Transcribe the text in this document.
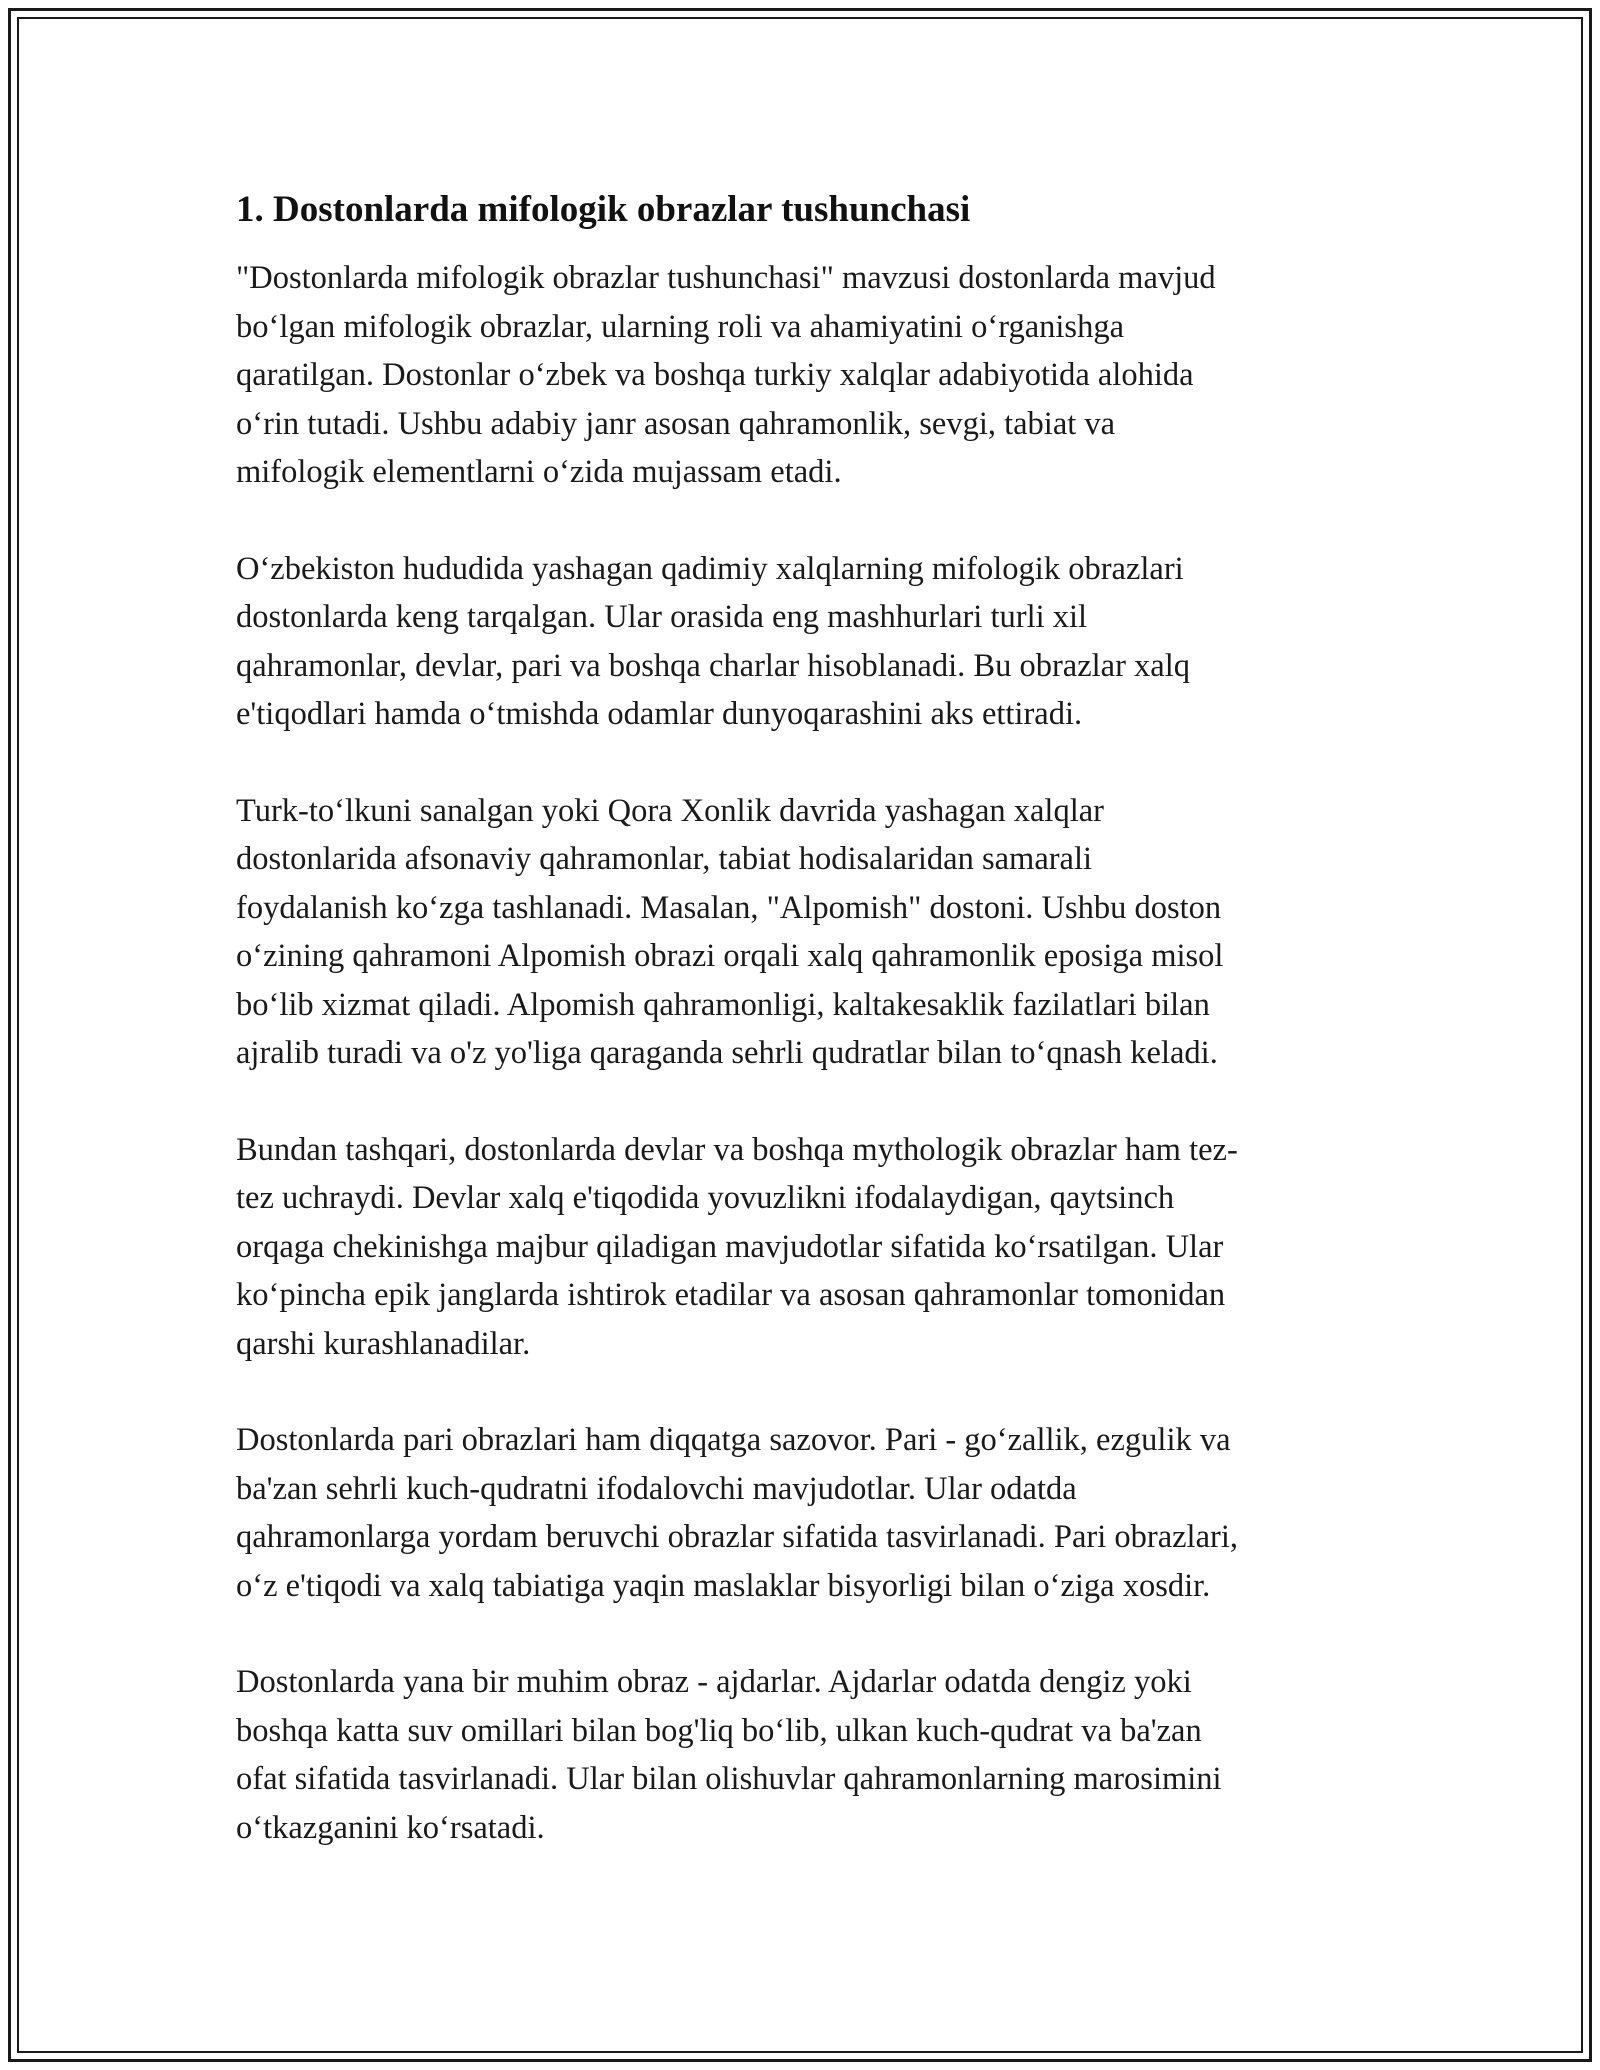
1. Dostonlarda mifologik obrazlar tushunchasi

"Dostonlarda mifologik obrazlar tushunchasi" mavzusi dostonlarda mavjud
bo‘lgan mifologik obrazlar, ularning roli va ahamiyatini o‘rganishga
qaratilgan. Dostonlar o‘zbek va boshqa turkiy xalqlar adabiyotida alohida
o‘rin tutadi. Ushbu adabiy janr asosan qahramonlik, sevgi, tabiat va
mifologik elementlarni o‘zida mujassam etadi.

O‘zbekiston hududida yashagan qadimiy xalqlarning mifologik obrazlari
dostonlarda keng tarqalgan. Ular orasida eng mashhurlari turli xil
qahramonlar, devlar, pari va boshqa charlar hisoblanadi. Bu obrazlar xalq
e'tiqodlari hamda o‘tmishda odamlar dunyoqarashini aks ettiradi.

Turk-to‘lkuni sanalgan yoki Qora Xonlik davrida yashagan xalqlar
dostonlarida afsonaviy qahramonlar, tabiat hodisalaridan samarali
foydalanish ko‘zga tashlanadi. Masalan, "Alpomish" dostoni. Ushbu doston
o‘zining qahramoni Alpomish obrazi orqali xalq qahramonlik eposiga misol
bo‘lib xizmat qiladi. Alpomish qahramonligi, kaltakesaklik fazilatlari bilan
ajralib turadi va o'z yo'liga qaraganda sehrli qudratlar bilan to‘qnash keladi.

Bundan tashqari, dostonlarda devlar va boshqa mythologik obrazlar ham tez-
tez uchraydi. Devlar xalq e'tiqodida yovuzlikni ifodalaydigan, qaytsinch
orqaga chekinishga majbur qiladigan mavjudotlar sifatida ko‘rsatilgan. Ular
ko‘pincha epik janglarda ishtirok etadilar va asosan qahramonlar tomonidan
qarshi kurashlanadilar.

Dostonlarda pari obrazlari ham diqqatga sazovor. Pari - go‘zallik, ezgulik va
ba'zan sehrli kuch-qudratni ifodalovchi mavjudotlar. Ular odatda
qahramonlarga yordam beruvchi obrazlar sifatida tasvirlanadi. Pari obrazlari,
o‘z e'tiqodi va xalq tabiatiga yaqin maslaklar bisyorligi bilan o‘ziga xosdir.

Dostonlarda yana bir muhim obraz - ajdarlar. Ajdarlar odatda dengiz yoki
boshqa katta suv omillari bilan bog'liq bo‘lib, ulkan kuch-qudrat va ba'zan
ofat sifatida tasvirlanadi. Ular bilan olishuvlar qahramonlarning marosimini
o‘tkazganini ko‘rsatadi.
